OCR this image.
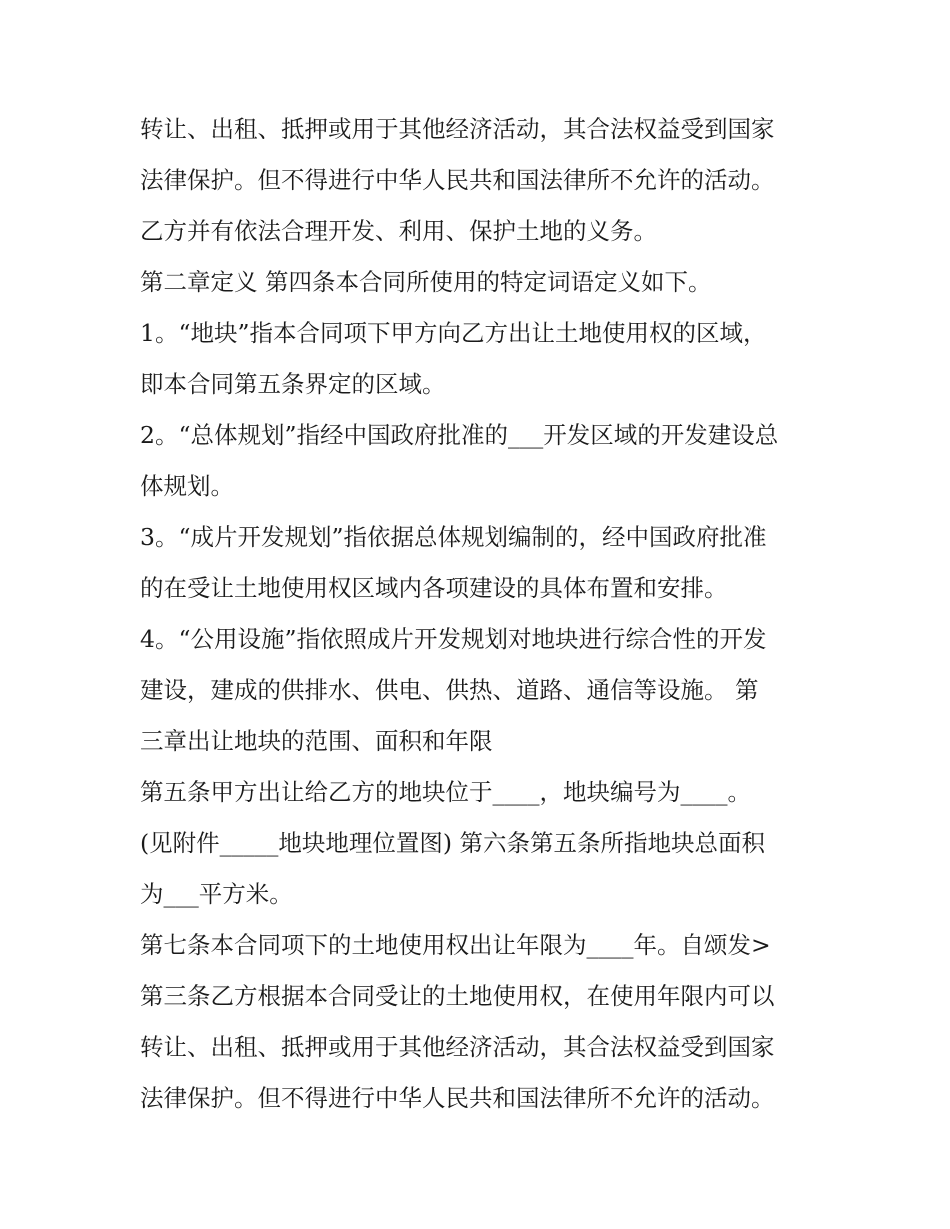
转让、出租、抵押或用于其他经济活动，其合法权益受到国家

法律保护。但不得进行中华人民共和国法律所不允许的活动。

乙方并有依法合理开发、利用、保护土地的义务。

第二章定义 第四条本合同所使用的特定词语定义如下。

1。“地块”指本合同项下甲方向乙方出让土地使用权的区域，

即本合同第五条界定的区域。

2。“总体规划”指经中国政府批准的___开发区域的开发建设总

体规划。

3。“成片开发规划”指依据总体规划编制的，经中国政府批准

的在受让土地使用权区域内各项建设的具体布置和安排。

4。“公用设施”指依照成片开发规划对地块进行综合性的开发

建设，建成的供排水、供电、供热、道路、通信等设施。 第

三章出让地块的范围、面积和年限

第五条甲方出让给乙方的地块位于____，地块编号为____。

(见附件_____地块地理位置图) 第六条第五条所指地块总面积

为___平方米。

第七条本合同项下的土地使用权出让年限为____年。自颂发>

第三条乙方根据本合同受让的土地使用权，在使用年限内可以

转让、出租、抵押或用于其他经济活动，其合法权益受到国家

法律保护。但不得进行中华人民共和国法律所不允许的活动。
